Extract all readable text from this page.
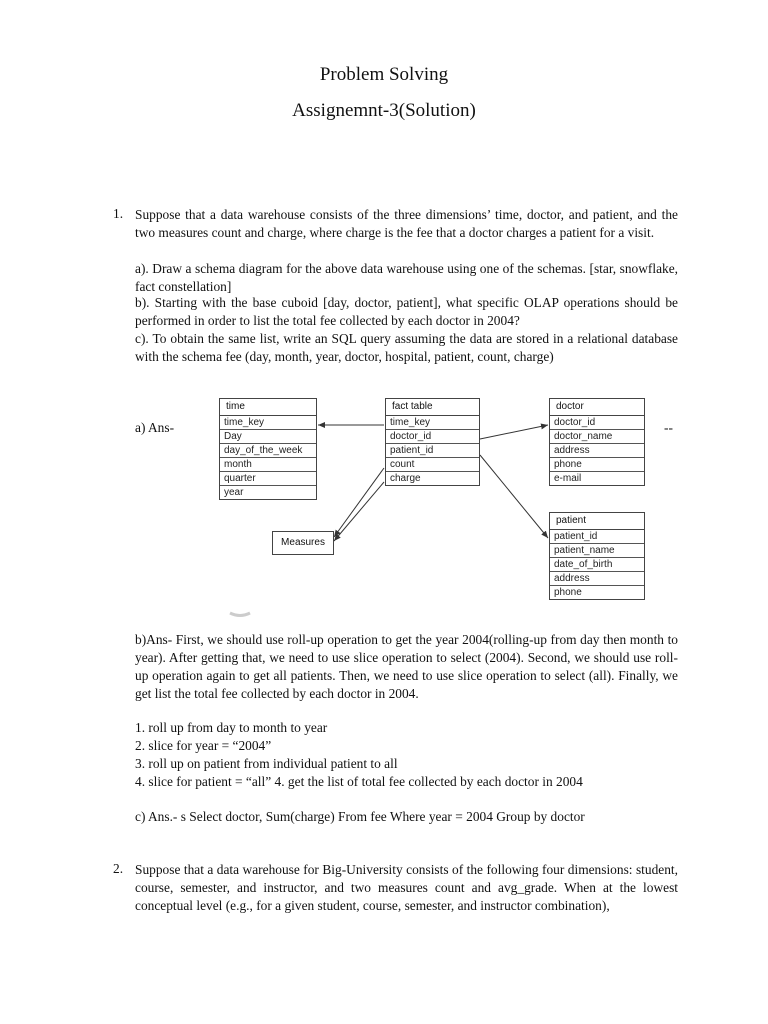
Problem Solving
Assignemnt-3(Solution)
1. Suppose that a data warehouse consists of the three dimensions’ time, doctor, and patient, and the two measures count and charge, where charge is the fee that a doctor charges a patient for a visit.

a). Draw a schema diagram for the above data warehouse using one of the schemas. [star, snowflake, fact constellation]

b). Starting with the base cuboid [day, doctor, patient], what specific OLAP operations should be performed in order to list the total fee collected by each doctor in 2004?

c). To obtain the same list, write an SQL query assuming the data are stored in a relational database with the schema fee (day, month, year, doctor, hospital, patient, count, charge)

a) Ans-	--
time
time_key
Day
day_of_the_week
month
quarter
year
fact table
time_key
doctor_id
patient_id
count
charge
doctor
doctor_id
doctor_name
address
phone
e-mail
patient
patient_id
patient_name
date_of_birth
address
phone
Measures

b)Ans- First, we should use roll-up operation to get the year 2004(rolling-up from day then month to year). After getting that, we need to use slice operation to select (2004). Second, we should use roll-up operation again to get all patients. Then, we need to use slice operation to select (all). Finally, we get list the total fee collected by each doctor in 2004.

1. roll up from day to month to year
2. slice for year = “2004”
3. roll up on patient from individual patient to all
4. slice for patient = “all” 4. get the list of total fee collected by each doctor in 2004
c) Ans.- s Select doctor, Sum(charge) From fee Where year = 2004 Group by doctor
2. Suppose that a data warehouse for Big-University consists of the following four dimensions: student, course, semester, and instructor, and two measures count and avg_grade. When at the lowest conceptual level (e.g., for a given student, course, semester, and instructor combination),
